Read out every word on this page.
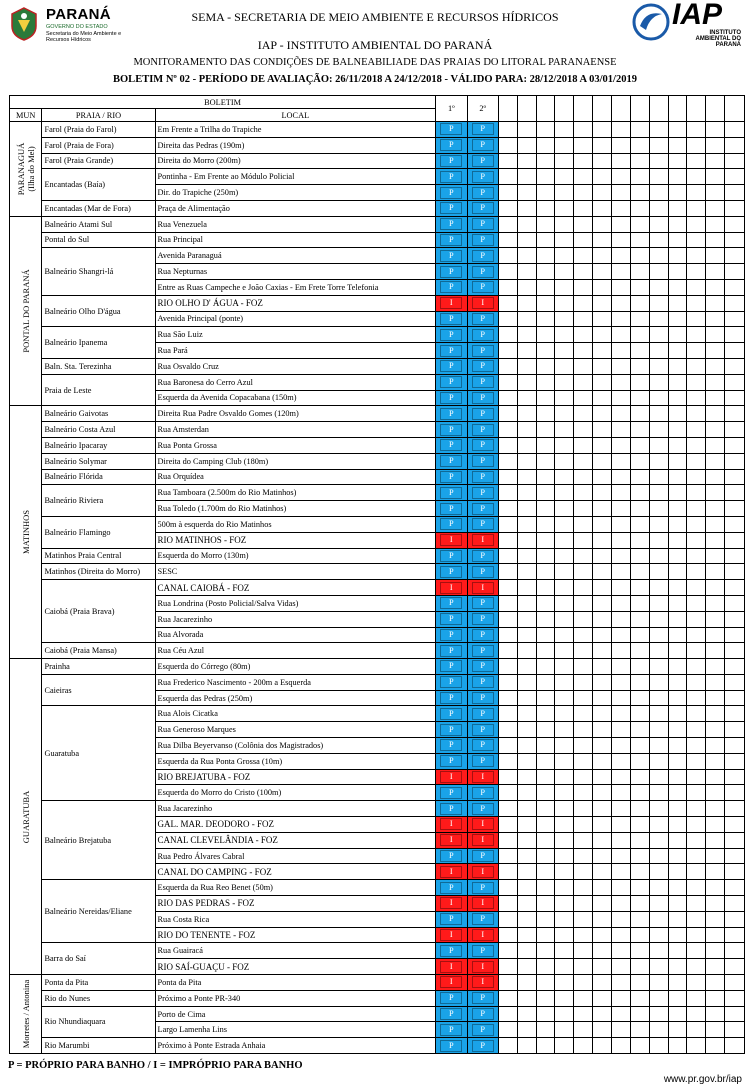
PARANÁ
GOVERNO DO ESTADO
Secretaria do Meio Ambiente e Recursos Hídricos
IAP
INSTITUTO AMBIENTAL DO PARANÁ
SEMA - SECRETARIA DE MEIO AMBIENTE E RECURSOS HÍDRICOS
IAP - INSTITUTO AMBIENTAL DO PARANÁ
MONITORAMENTO DAS CONDIÇÕES DE BALNEABILIADE DAS PRAIAS DO LITORAL PARANAENSE
BOLETIM Nº 02 - PERÍODO DE AVALIAÇÃO: 26/11/2018 A 24/12/2018 - VÁLIDO PARA: 28/12/2018 A 03/01/2019
BOLETIM			1º	2º													
MUN	PRAIA / RIO	LOCAL															

PARANAGUÁ
(Ilha do Mel)	Farol (Praia do Farol)	Em Frente a Trilha do Trapiche	P	P													
	Farol (Praia de Fora)	Direita das Pedras (190m)	P	P													
	Farol (Praia Grande)	Direita do Morro (200m)	P	P													
	Encantadas (Baía)	Pontinha - Em Frente ao Módulo Policial	P	P													
		Dir. do Trapiche (250m)	P	P													
	Encantadas (Mar de Fora)	Praça de Alimentação	P	P													

PONTAL DO PARANÁ	Balneário Atami Sul	Rua Venezuela	P	P													
	Pontal do Sul	Rua Principal	P	P													
	Balneário Shangri-lá	Avenida Paranaguá	P	P													
		Rua Nepturnas	P	P													
		Entre as Ruas Campeche e João Caxias - Em Frete Torre Telefonia	P	P													
	Balneário Olho D'água	RIO OLHO D' ÁGUA - FOZ	I	I													
		Avenida Principal (ponte)	P	P													
	Balneário Ipanema	Rua São Luiz	P	P													
		Rua Pará	P	P													
	Baln. Sta. Terezinha	Rua Osvaldo Cruz	P	P													
	Praia de Leste	Rua Baronesa do Cerro Azul	P	P													
		Esquerda da Avenida Copacabana (150m)	P	P													

MATINHOS	Balneário Gaivotas	Direita Rua Padre Osvaldo Gomes (120m)	P	P													
	Balneário Costa Azul	Rua Amsterdan	P	P													
	Balneário Ipacaray	Rua Ponta Grossa	P	P													
	Balneário Solymar	Direita do Camping Club (180m)	P	P													
	Balneário Flórida	Rua Orquídea	P	P													
	Balneário Riviera	Rua Tamboara (2.500m do Rio Matinhos)	P	P													
		Rua Toledo (1.700m do Rio Matinhos)	P	P													
	Balneário Flamingo	500m à esquerda do Rio Matinhos	P	P													
		RIO MATINHOS - FOZ	I	I													
	Matinhos Praia Central	Esquerda do Morro (130m)	P	P													
	Matinhos (Direita do Morro)	SESC	P	P													
	Caiobá (Praia Brava)	CANAL CAIOBÁ - FOZ	I	I													
		Rua Londrina (Posto Policial/Salva Vidas)	P	P													
		Rua Jacarezinho	P	P													
		Rua Alvorada	P	P													
	Caiobá (Praia Mansa)	Rua Céu Azul	P	P													

GUARATUBA	Prainha	Esquerda do Córrego (80m)	P	P													
	Caieiras	Rua Frederico Nascimento - 200m a Esquerda	P	P													
		Esquerda das Pedras (250m)	P	P													
	Guaratuba	Rua Alois Cicatka	P	P													
		Rua Generoso Marques	P	P													
		Rua Dilba Beyervanso (Colônia dos Magistrados)	P	P													
		Esquerda da Rua Ponta Grossa (10m)	P	P													
		RIO BREJATUBA - FOZ	I	I													
		Esquerda do Morro do Cristo (100m)	P	P													
	Balneário Brejatuba	Rua Jacarezinho	P	P													
		GAL. MAR. DEODORO - FOZ	I	I													
		CANAL CLEVELÂNDIA - FOZ	I	I													
		Rua Pedro Álvares Cabral	P	P													
		CANAL DO CAMPING - FOZ	I	I													
	Balneário Nereidas/Eliane	Esquerda da Rua Reo Benet (50m)	P	P													
		RIO DAS PEDRAS - FOZ	I	I													
		Rua Costa Rica	P	P													
		RIO DO TENENTE - FOZ	I	I													
	Barra do Saí	Rua Guairacá	P	P													
		RIO SAÍ-GUAÇU - FOZ	I	I													

Morretes / Antonina	Ponta da Pita	Ponta da Pita	I	I													
	Rio do Nunes	Próximo a Ponte PR-340	P	P													
	Rio Nhundiaquara	Porto de Cima	P	P													
		Largo Lamenha Lins	P	P													
	Rio Marumbi	Próximo à Ponte Estrada Anhaia	P	P													
P = PRÓPRIO PARA BANHO / I = IMPRÓPRIO PARA BANHO
www.pr.gov.br/iap
